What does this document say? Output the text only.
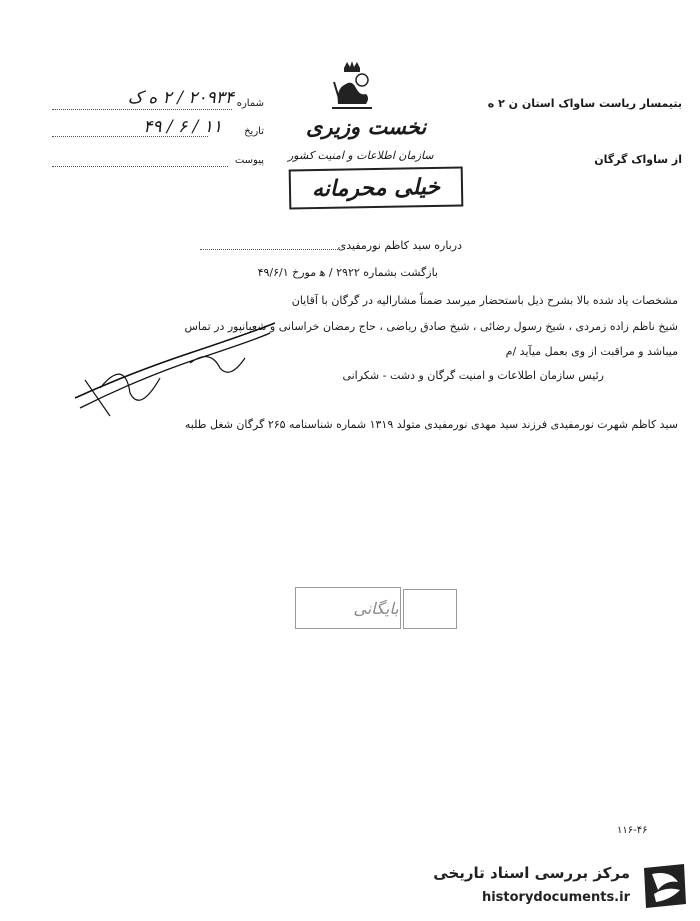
شماره
۲۰۹۳۴ / ۲ ه ک
تاریخ
۴۹ / ۶ / ۱۱
پیوست
بتیمسار ریاست ساواک استان ن ۲ ه
از ساواک گرگان
نخست وزیری
سازمان اطلاعات و امنیت کشور
خیلی محرمانه
درباره سید کاظم نورمفیدی
بازگشت بشماره ۲۹۲۲ / ه‍ مورخ ۴۹/۶/۱
مشخصات یاد شده بالا بشرح ذیل باستحضار میرسد ضمناً مشارالیه در گرگان با آقایان
شیخ ناظم زاده زمردی ، شیخ رسول رضائی ، شیخ صادق ریاضی ، حاج رمضان خراسانی و شعبانپور در تماس
میباشد و مراقبت از وی بعمل میآید /م
رئیس سازمان اطلاعات و امنیت گرگان و دشت - شکرانی
سید کاظم شهرت نورمفیدی فرزند سید مهدی نورمفیدی متولد ۱۳۱۹ شماره شناسنامه ۲۶۵ گرگان شغل طلبه
بایگانی
۱۱۶-۴۶
مرکز بررسی اسناد تاریخی
historydocuments.ir
